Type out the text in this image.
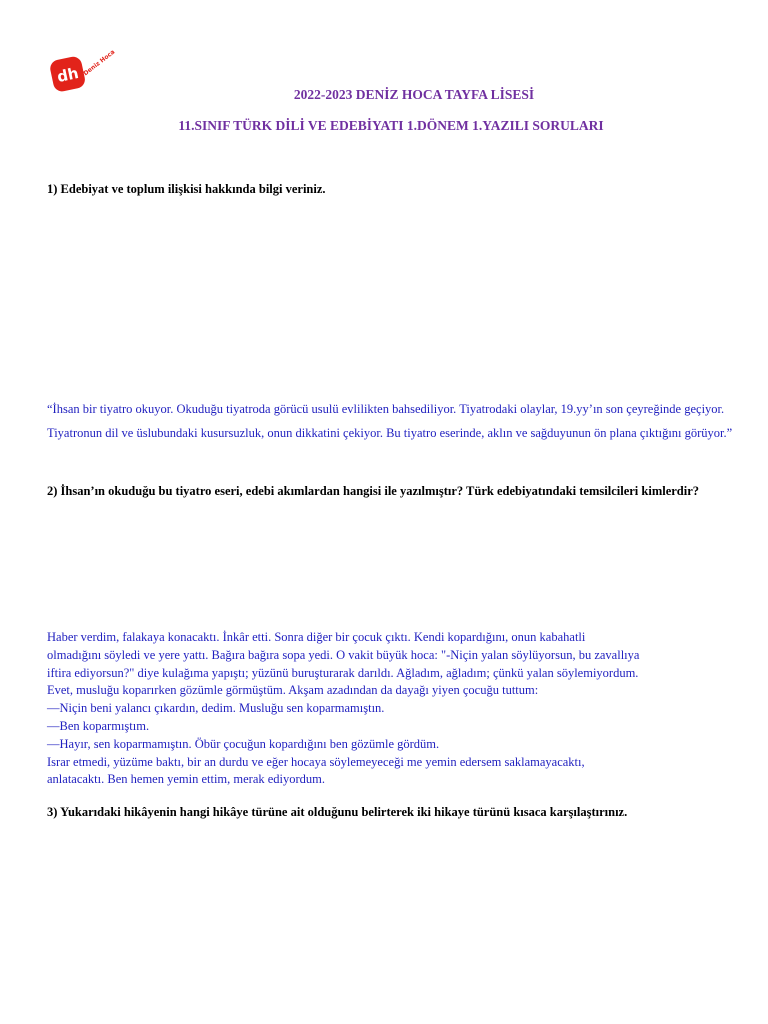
dh Deniz Hoca
2022-2023 DENİZ HOCA TAYFA LİSESİ
11.SINIF TÜRK DİLİ VE EDEBİYATI 1.DÖNEM 1.YAZILI SORULARI
1) Edebiyat ve toplum ilişkisi hakkında bilgi veriniz.
“İhsan bir tiyatro okuyor. Okuduğu tiyatroda görücü usulü evlilikten bahsediliyor. Tiyatrodaki olaylar, 19.yy’ın son çeyreğinde geçiyor. Tiyatronun dil ve üslubundaki kusursuzluk, onun dikkatini çekiyor. Bu tiyatro eserinde, aklın ve sağduyunun ön plana çıktığını görüyor.”
2) İhsan’ın okuduğu bu tiyatro eseri, edebi akımlardan hangisi ile yazılmıştır? Türk edebiyatındaki temsilcileri kimlerdir?
Haber verdim, falakaya konacaktı. İnkâr etti. Sonra diğer bir çocuk çıktı. Kendi kopardığını, onun kabahatli
olmadığını söyledi ve yere yattı. Bağıra bağıra sopa yedi. O vakit büyük hoca: "-Niçin yalan söylüyorsun, bu zavallıya
iftira ediyorsun?" diye kulağıma yapıştı; yüzünü buruşturarak darıldı. Ağladım, ağladım; çünkü yalan söylemiyordum.
Evet, musluğu koparırken gözümle görmüştüm. Akşam azadından da dayağı yiyen çocuğu tuttum:
—Niçin beni yalancı çıkardın, dedim. Musluğu sen koparmamıştın.
—Ben koparmıştım.
—Hayır, sen koparmamıştın. Öbür çocuğun kopardığını ben gözümle gördüm.
Israr etmedi, yüzüme baktı, bir an durdu ve eğer hocaya söylemeyeceği me yemin edersem saklamayacaktı,
anlatacaktı. Ben hemen yemin ettim, merak ediyordum.
3) Yukarıdaki hikâyenin hangi hikâye türüne ait olduğunu belirterek iki hikaye türünü kısaca karşılaştırınız.
